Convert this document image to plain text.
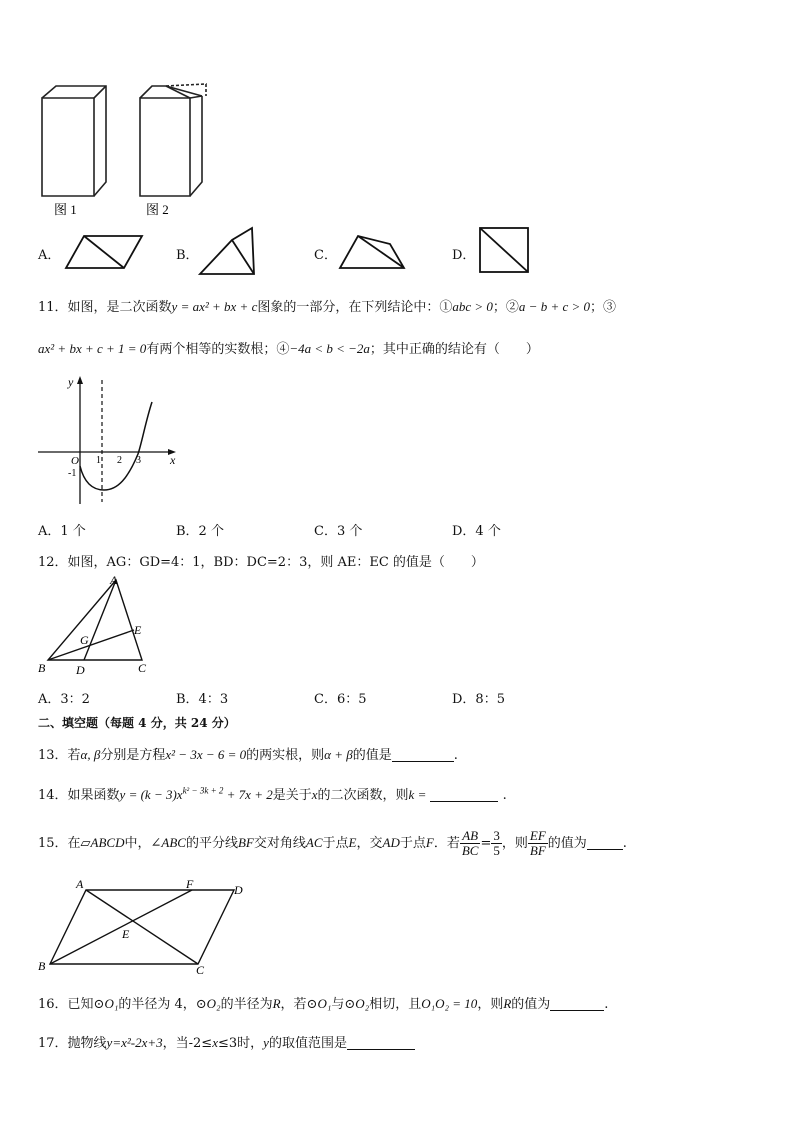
图 1	图 2
A．	B．	C．	D．
11．如图，是二次函数y = ax² + bx + c图象的一部分，在下列结论中：①abc > 0；②a − b + c > 0；③
ax² + bx + c + 1 = 0有两个相等的实数根；④−4a < b < −2a；其中正确的结论有（　　）
y
x
O
-1
1 2 3
A．1 个	B．2 个	C．3 个	D．4 个
12．如图，AG：GD=4：1，BD：DC=2：3，则 AE：EC 的值是（　　）
A
B	C
D
E
G
A．3：2	B．4：3	C．6：5	D．8：5
二、填空题（每题 4 分，共 24 分）
13．若α, β分别是方程x² − 3x − 6 = 0的两实根，则α + β的值是	.
14．如果函数$y = (k - 3)x^{k^2 - 3k + 2} + 7x + 2$是关于x的二次函数，则k =	.
15．在▱ABCD中，∠ABC的平分线BF交对角线AC于点E，交AD于点F．若 $\frac{AB}{BC} = \frac{3}{5}$ ，则 $\frac{EF}{BF}$ 的值为	.
A	F	D
E
B	C
16．已知⊙O₁的半径为 4，⊙O₂的半径为R，若⊙O₁与⊙O₂相切，且O₁O₂ = 10，则R的值为	.
17．抛物线y=x²-2x+3，当-2≤x≤3时，y的取值范围是
